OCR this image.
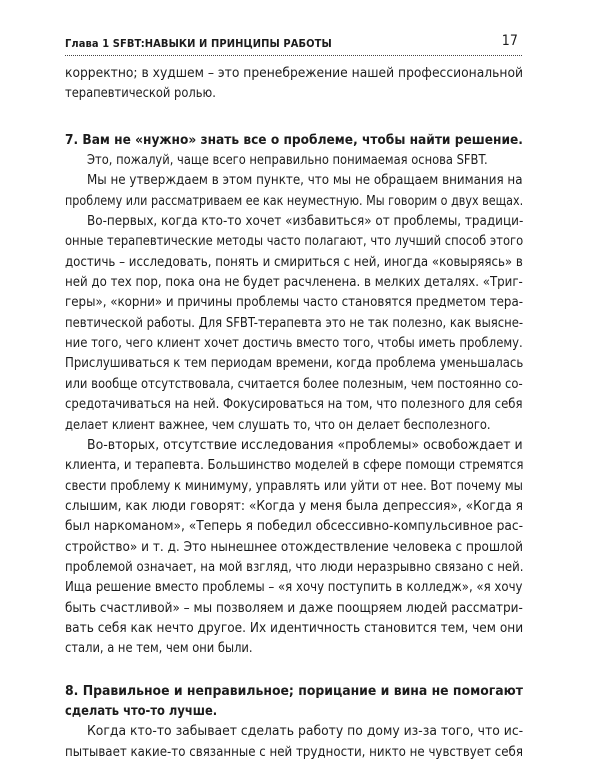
Глава 1 SFBT:НАВЫКИ И ПРИНЦИПЫ РАБОТЫ	17
корректно; в худшем – это пренебрежение нашей профессиональной
терапевтической ролью.
7. Вам не «нужно» знать все о проблеме, чтобы найти решение.
Это, пожалуй, чаще всего неправильно понимаемая основа SFBT.
Мы не утверждаем в этом пункте, что мы не обращаем внимания на
проблему или рассматриваем ее как неуместную. Мы говорим о двух вещах.
Во-первых, когда кто-то хочет «избавиться» от проблемы, традици-
онные терапевтические методы часто полагают, что лучший способ этого
достичь – исследовать, понять и смириться с ней, иногда «ковыряясь» в
ней до тех пор, пока она не будет расчленена. в мелких деталях. «Триг-
геры», «корни» и причины проблемы часто становятся предметом тера-
певтической работы. Для SFBT-терапевта это не так полезно, как выясне-
ние того, чего клиент хочет достичь вместо того, чтобы иметь проблему.
Прислушиваться к тем периодам времени, когда проблема уменьшалась
или вообще отсутствовала, считается более полезным, чем постоянно со-
средотачиваться на ней. Фокусироваться на том, что полезного для себя
делает клиент важнее, чем слушать то, что он делает бесполезного.
Во-вторых, отсутствие исследования «проблемы» освобождает и
клиента, и терапевта. Большинство моделей в сфере помощи стремятся
свести проблему к минимуму, управлять или уйти от нее. Вот почему мы
слышим, как люди говорят: «Когда у меня была депрессия», «Когда я
был наркоманом», «Теперь я победил обсессивно-компульсивное рас-
стройство» и т. д. Это нынешнее отождествление человека с прошлой
проблемой означает, на мой взгляд, что люди неразрывно связано с ней.
Ища решение вместо проблемы – «я хочу поступить в колледж», «я хочу
быть счастливой» – мы позволяем и даже поощряем людей рассматри-
вать себя как нечто другое. Их идентичность становится тем, чем они
стали, а не тем, чем они были.
8. Правильное и неправильное; порицание и вина не помогают
сделать что-то лучше.
Когда кто-то забывает сделать работу по дому из-за того, что ис-
пытывает какие-то связанные с ней трудности, никто не чувствует себя
